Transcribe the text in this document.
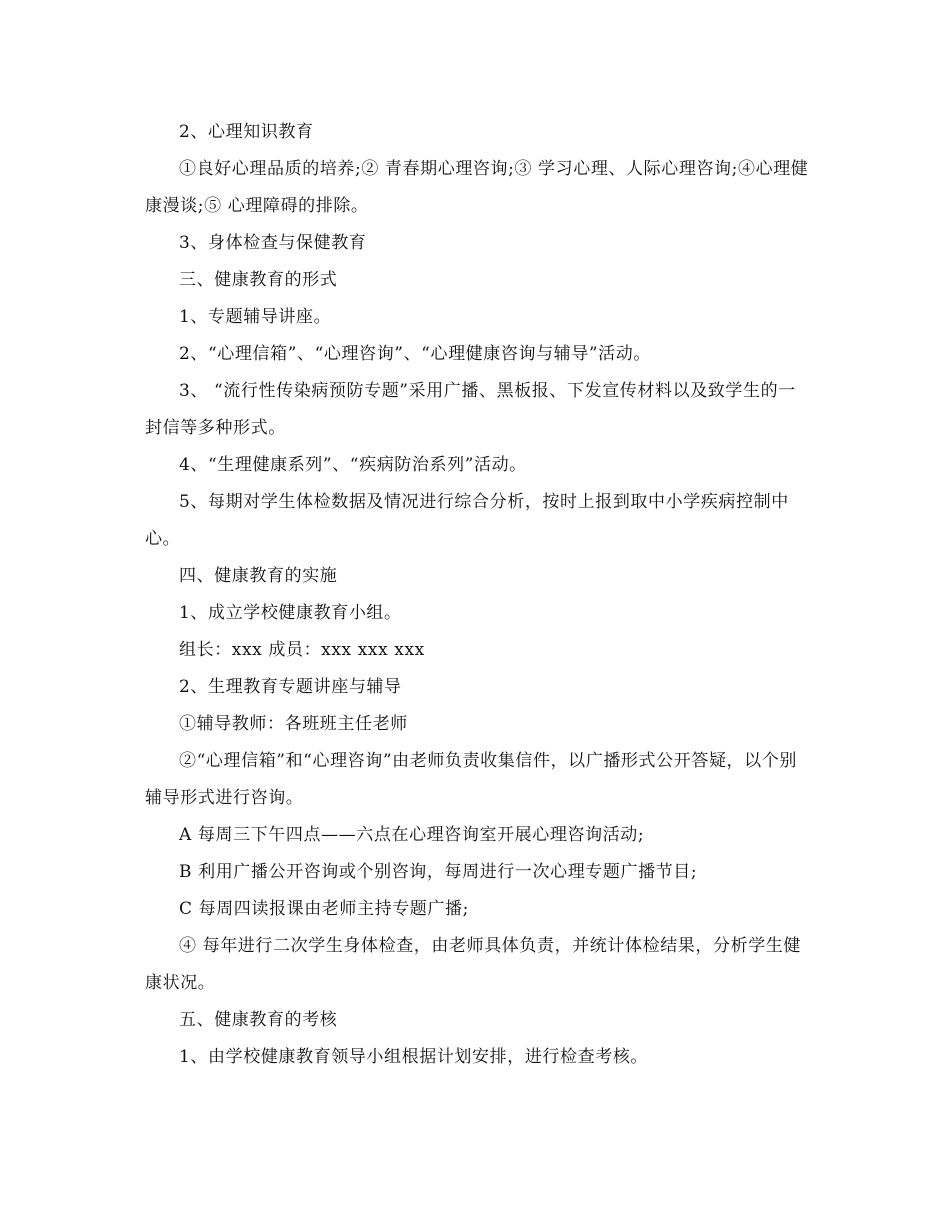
2、心理知识教育

①良好心理品质的培养;② 青春期心理咨询;③ 学习心理、人际心理咨询;④心理健康漫谈;⑤ 心理障碍的排除。

3、身体检查与保健教育

三、健康教育的形式

1、专题辅导讲座。

2、“心理信箱”、“心理咨询”、“心理健康咨询与辅导”活动。

3、 “流行性传染病预防专题”采用广播、黑板报、下发宣传材料以及致学生的一封信等多种形式。

4、“生理健康系列”、“疾病防治系列”活动。

5、每期对学生体检数据及情况进行综合分析，按时上报到取中小学疾病控制中心。

四、健康教育的实施

1、成立学校健康教育小组。

组长：xxx 成员：xxx xxx xxx

2、生理教育专题讲座与辅导

①辅导教师：各班班主任老师

②“心理信箱”和“心理咨询”由老师负责收集信件，以广播形式公开答疑，以个别辅导形式进行咨询。

A 每周三下午四点——六点在心理咨询室开展心理咨询活动;

B 利用广播公开咨询或个别咨询，每周进行一次心理专题广播节目;

C 每周四读报课由老师主持专题广播;

④ 每年进行二次学生身体检查，由老师具体负责，并统计体检结果，分析学生健康状况。

五、健康教育的考核

1、由学校健康教育领导小组根据计划安排，进行检查考核。
